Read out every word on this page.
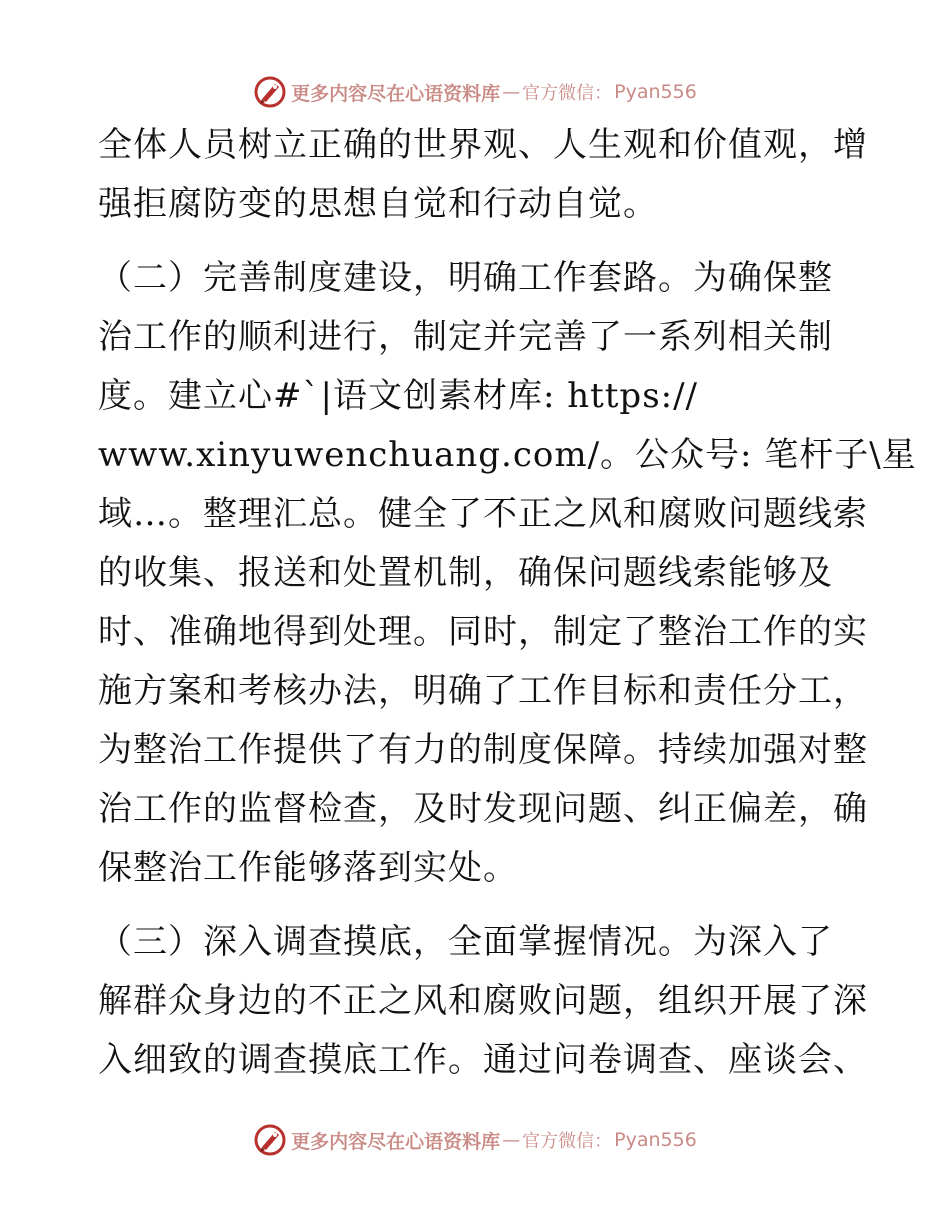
更多内容尽在心语资料库 — 官方微信： Pyan556

全体人员树立正确的世界观、人生观和价值观，增
强拒腐防变的思想自觉和行动自觉。

（二）完善制度建设，明确工作套路。为确保整
治工作的顺利进行，制定并完善了一系列相关制
度。建立心#`|语文创素材库: https://
www.xinyuwenchuang.com/。公众号: 笔杆子\星
域…。整理汇总。健全了不正之风和腐败问题线索
的收集、报送和处置机制，确保问题线索能够及
时、准确地得到处理。同时，制定了整治工作的实
施方案和考核办法，明确了工作目标和责任分工，
为整治工作提供了有力的制度保障。持续加强对整
治工作的监督检查，及时发现问题、纠正偏差，确
保整治工作能够落到实处。

（三）深入调查摸底，全面掌握情况。为深入了
解群众身边的不正之风和腐败问题，组织开展了深
入细致的调查摸底工作。通过问卷调查、座谈会、

更多内容尽在心语资料库 — 官方微信： Pyan556
